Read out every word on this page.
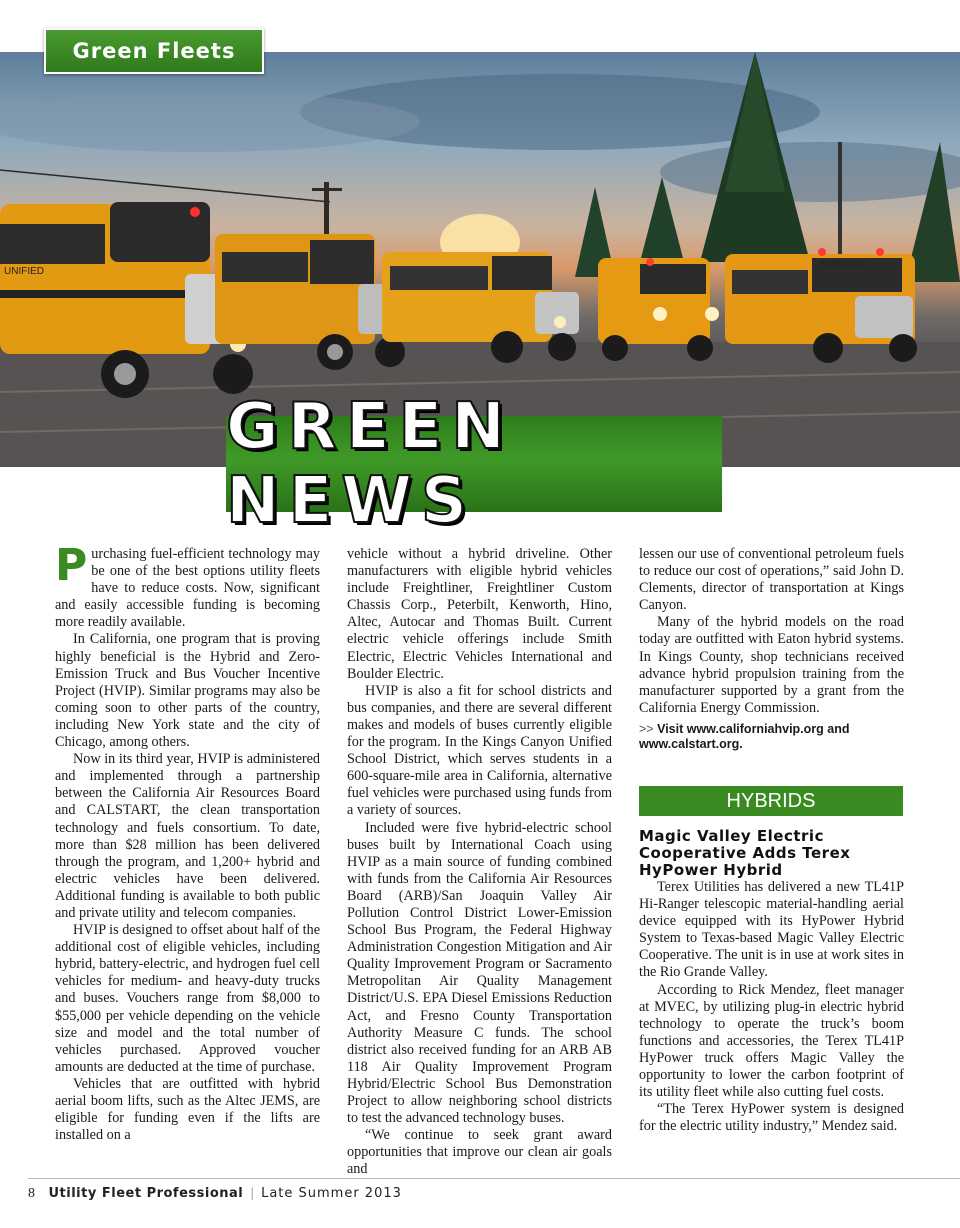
UNIFIED
SCHOOL BUS
Green Fleets
GREEN NEWS

Purchasing fuel-efficient technology may be one of the best options utility fleets have to reduce costs. Now, significant and easily accessible funding is becoming more readily available.

In California, one program that is proving highly beneficial is the Hybrid and Zero-Emission Truck and Bus Voucher Incentive Project (HVIP). Similar programs may also be coming soon to other parts of the country, including New York state and the city of Chicago, among others.

Now in its third year, HVIP is administered and implemented through a partnership between the California Air Resources Board and CALSTART, the clean transportation technology and fuels consortium. To date, more than $28 million has been delivered through the program, and 1,200+ hybrid and electric vehicles have been delivered. Additional funding is available to both public and private utility and telecom companies.

HVIP is designed to offset about half of the additional cost of eligible vehicles, including hybrid, battery-electric, and hydrogen fuel cell vehicles for medium- and heavy-duty trucks and buses. Vouchers range from $8,000 to $55,000 per vehicle depending on the vehicle size and model and the total number of vehicles purchased. Approved voucher amounts are deducted at the time of purchase.

Vehicles that are outfitted with hybrid aerial boom lifts, such as the Altec JEMS, are eligible for funding even if the lifts are installed on a

vehicle without a hybrid driveline. Other manufacturers with eligible hybrid vehicles include Freightliner, Freightliner Custom Chassis Corp., Peterbilt, Kenworth, Hino, Altec, Autocar and Thomas Built. Current electric vehicle offerings include Smith Electric, Electric Vehicles International and Boulder Electric.

HVIP is also a fit for school districts and bus companies, and there are several different makes and models of buses currently eligible for the program. In the Kings Canyon Unified School District, which serves students in a 600-square-mile area in California, alternative fuel vehicles were purchased using funds from a variety of sources.

Included were five hybrid-electric school buses built by International Coach using HVIP as a main source of funding combined with funds from the California Air Resources Board (ARB)/San Joaquin Valley Air Pollution Control District Lower-Emission School Bus Program, the Federal Highway Administration Congestion Mitigation and Air Quality Improvement Program or Sacramento Metropolitan Air Quality Management District/U.S. EPA Diesel Emissions Reduction Act, and Fresno County Transportation Authority Measure C funds. The school district also received funding for an ARB AB 118 Air Quality Improvement Program Hybrid/Electric School Bus Demonstration Project to allow neighboring school districts to test the advanced technology buses.

“We continue to seek grant award opportunities that improve our clean air goals and

lessen our use of conventional petroleum fuels to reduce our cost of operations,” said John D. Clements, director of transportation at Kings Canyon.

Many of the hybrid models on the road today are outfitted with Eaton hybrid systems. In Kings County, shop technicians received advance hybrid propulsion training from the manufacturer supported by a grant from the California Energy Commission.

>> Visit www.californiahvip.org and www.calstart.org.
HYBRIDS
Magic Valley Electric Cooperative Adds Terex HyPower Hybrid

Terex Utilities has delivered a new TL41P Hi-Ranger telescopic material-handling aerial device equipped with its HyPower Hybrid System to Texas-based Magic Valley Electric Cooperative. The unit is in use at work sites in the Rio Grande Valley.

According to Rick Mendez, fleet manager at MVEC, by utilizing plug-in electric hybrid technology to operate the truck’s boom functions and accessories, the Terex TL41P HyPower truck offers Magic Valley the opportunity to lower the carbon footprint of its utility fleet while also cutting fuel costs.

“The Terex HyPower system is designed for the electric utility industry,” Mendez said.

8 Utility Fleet Professional | Late Summer 2013
